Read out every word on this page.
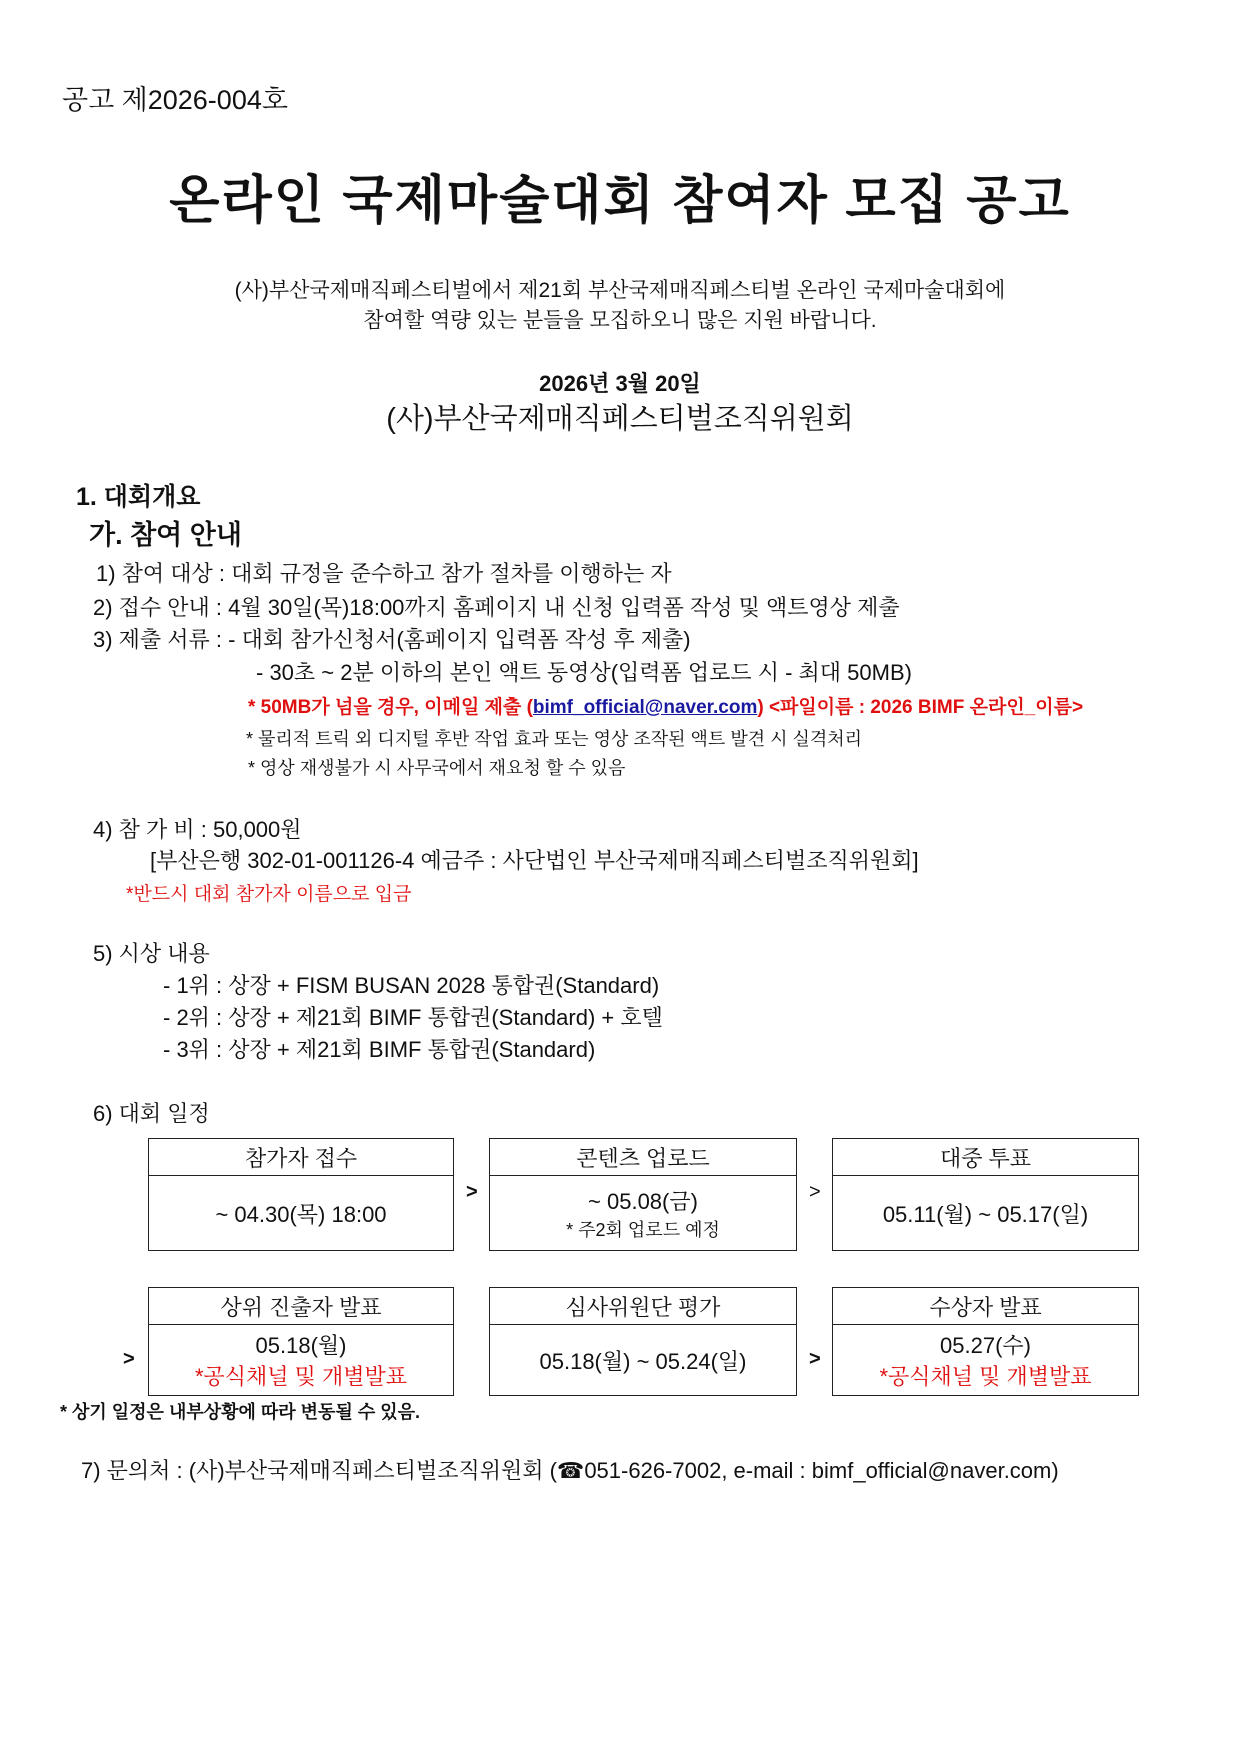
공고 제2026-004호
온라인 국제마술대회 참여자 모집 공고
(사)부산국제매직페스티벌에서 제21회 부산국제매직페스티벌 온라인 국제마술대회에
참여할 역량 있는 분들을 모집하오니 많은 지원 바랍니다.
2026년 3월 20일
(사)부산국제매직페스티벌조직위원회
1. 대회개요
가. 참여 안내
1) 참여 대상 : 대회 규정을 준수하고 참가 절차를 이행하는 자
2) 접수 안내 : 4월 30일(목)18:00까지 홈페이지 내 신청 입력폼 작성 및 액트영상 제출
3) 제출 서류 : - 대회 참가신청서(홈페이지 입력폼 작성 후 제출)
- 30초 ~ 2분 이하의 본인 액트 동영상(입력폼 업로드 시 - 최대 50MB)
* 50MB가 넘을 경우, 이메일 제출 (bimf_official@naver.com) <파일이름 : 2026 BIMF 온라인_이름>
* 물리적 트릭 외 디지털 후반 작업 효과 또는 영상 조작된 액트 발견 시 실격처리
* 영상 재생불가 시 사무국에서 재요청 할 수 있음
4) 참 가 비 : 50,000원
[부산은행 302-01-001126-4 예금주 : 사단법인 부산국제매직페스티벌조직위원회]
*반드시 대회 참가자 이름으로 입금
5) 시상 내용
- 1위 : 상장 + FISM BUSAN 2028 통합권(Standard)
- 2위 : 상장 + 제21회 BIMF 통합권(Standard) + 호텔
- 3위 : 상장 + 제21회 BIMF 통합권(Standard)
6) 대회 일정
참가자 접수
~ 04.30(목) 18:00
>
콘텐츠 업로드
~ 05.08(금)
* 주2회 업로드 예정
>
대중 투표
05.11(월) ~ 05.17(일)
>
상위 진출자 발표
05.18(월)
*공식채널 및 개별발표
심사위원단 평가
05.18(월) ~ 05.24(일)	>
수상자 발표
05.27(수)
*공식채널 및 개별발표
* 상기 일정은 내부상황에 따라 변동될 수 있음.
7) 문의처 : (사)부산국제매직페스티벌조직위원회 (☎051-626-7002, e-mail : bimf_official@naver.com)
